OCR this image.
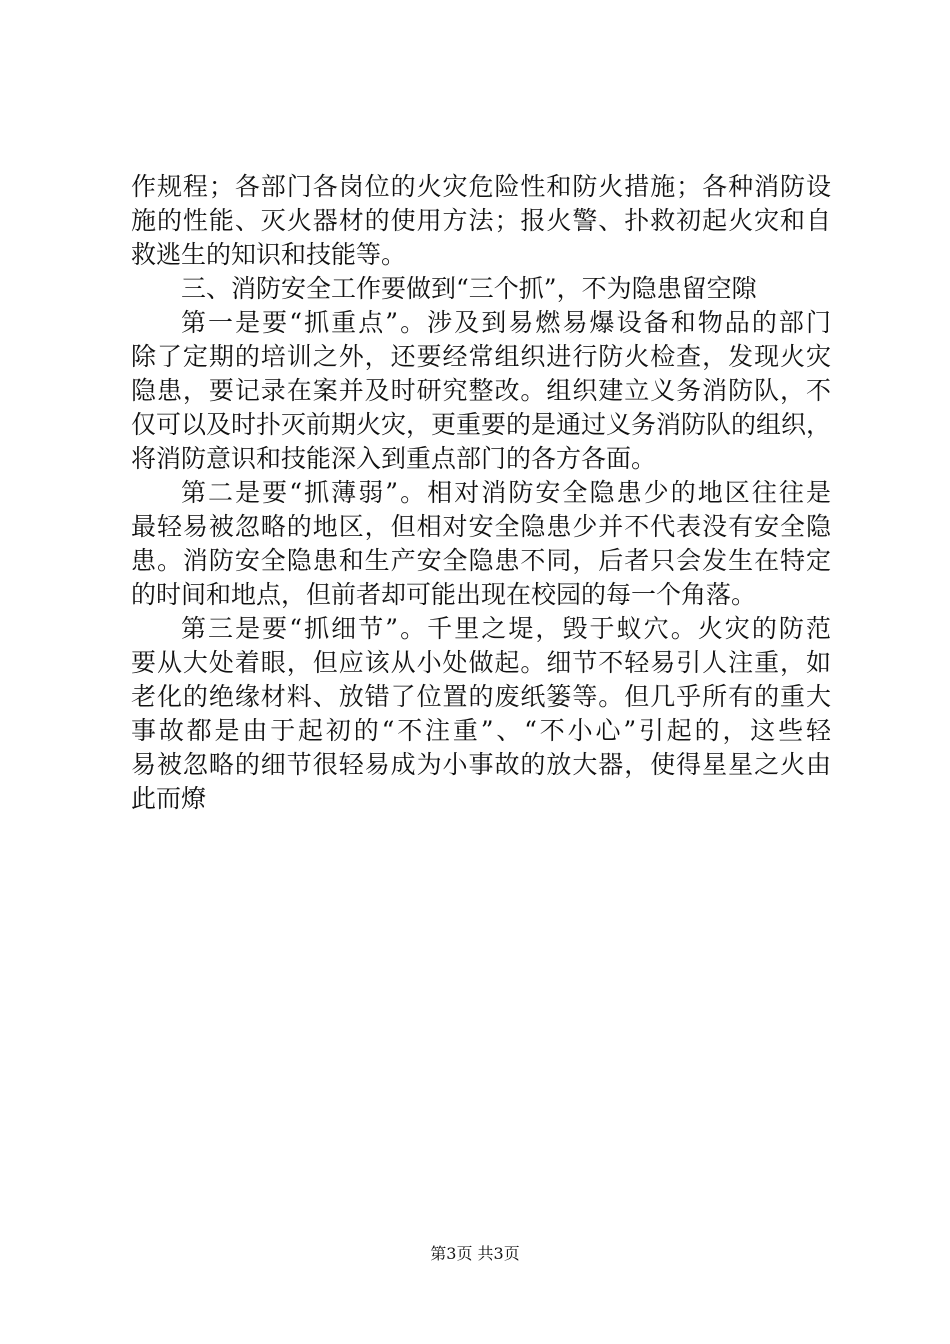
作规程；各部门各岗位的火灾危险性和防火措施；各种消防设
施的性能、灭火器材的使用方法；报火警、扑救初起火灾和自
救逃生的知识和技能等。
三、消防安全工作要做到“三个抓”，不为隐患留空隙
第一是要“抓重点”。涉及到易燃易爆设备和物品的部门
除了定期的培训之外，还要经常组织进行防火检查，发现火灾
隐患，要记录在案并及时研究整改。组织建立义务消防队，不
仅可以及时扑灭前期火灾，更重要的是通过义务消防队的组织，
将消防意识和技能深入到重点部门的各方各面。
第二是要“抓薄弱”。相对消防安全隐患少的地区往往是
最轻易被忽略的地区，但相对安全隐患少并不代表没有安全隐
患。消防安全隐患和生产安全隐患不同，后者只会发生在特定
的时间和地点，但前者却可能出现在校园的每一个角落。
第三是要“抓细节”。千里之堤，毁于蚁穴。火灾的防范
要从大处着眼，但应该从小处做起。细节不轻易引人注重，如
老化的绝缘材料、放错了位置的废纸篓等。但几乎所有的重大
事故都是由于起初的“不注重”、“不小心”引起的，这些轻
易被忽略的细节很轻易成为小事故的放大器，使得星星之火由
此而燎
第3页 共3页
